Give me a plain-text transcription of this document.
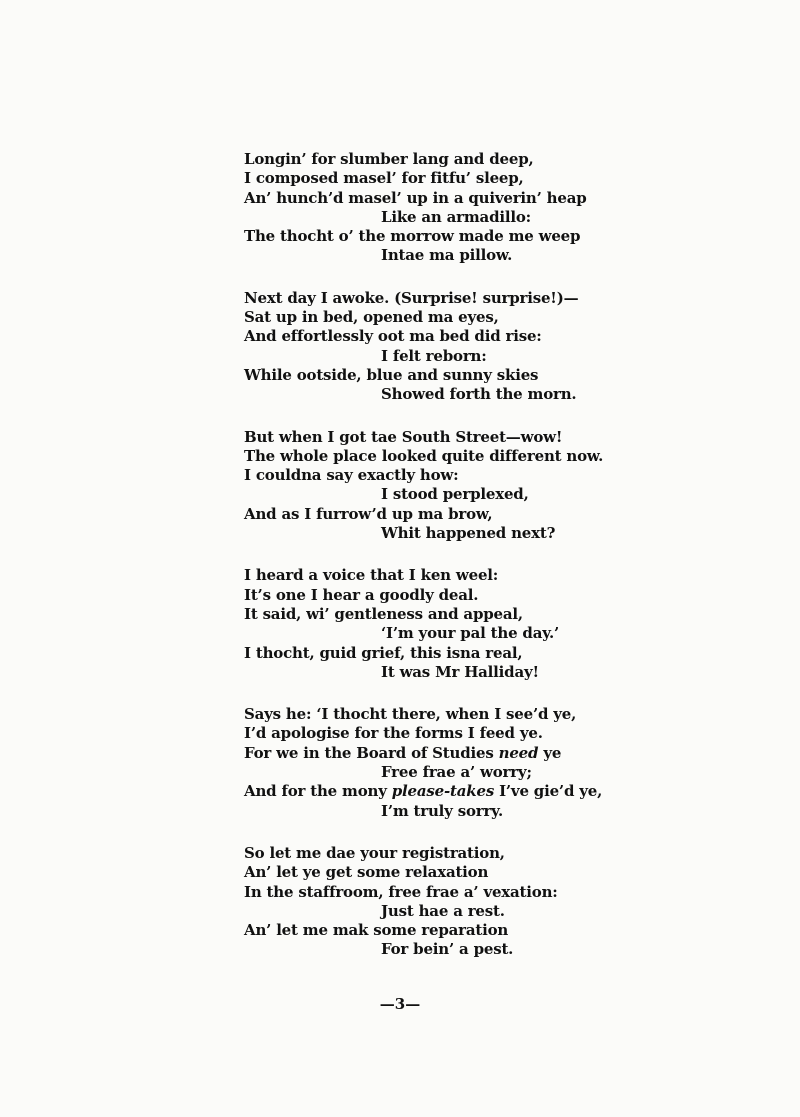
Longin’ for slumber lang and deep,
I composed masel’ for fitfu’ sleep,
An’ hunch’d masel’ up in a quiverin’ heap
Like an armadillo:
The thocht o’ the morrow made me weep
Intae ma pillow.
Next day I awoke. (Surprise! surprise!)—
Sat up in bed, opened ma eyes,
And effortlessly oot ma bed did rise:
I felt reborn:
While ootside, blue and sunny skies
Showed forth the morn.
But when I got tae South Street—wow!
The whole place looked quite different now.
I couldna say exactly how:
I stood perplexed,
And as I furrow’d up ma brow,
Whit happened next?
I heard a voice that I ken weel:
It’s one I hear a goodly deal.
It said, wi’ gentleness and appeal,
‘I’m your pal the day.’
I thocht, guid grief, this isna real,
It was Mr Halliday!
Says he: ‘I thocht there, when I see’d ye,
I’d apologise for the forms I feed ye.
For we in the Board of Studies need ye
Free frae a’ worry;
And for the mony please-takes I’ve gie’d ye,
I’m truly sorry.
So let me dae your registration,
An’ let ye get some relaxation
In the staffroom, free frae a’ vexation:
Just hae a rest.
An’ let me mak some reparation
For bein’ a pest.
—3—
